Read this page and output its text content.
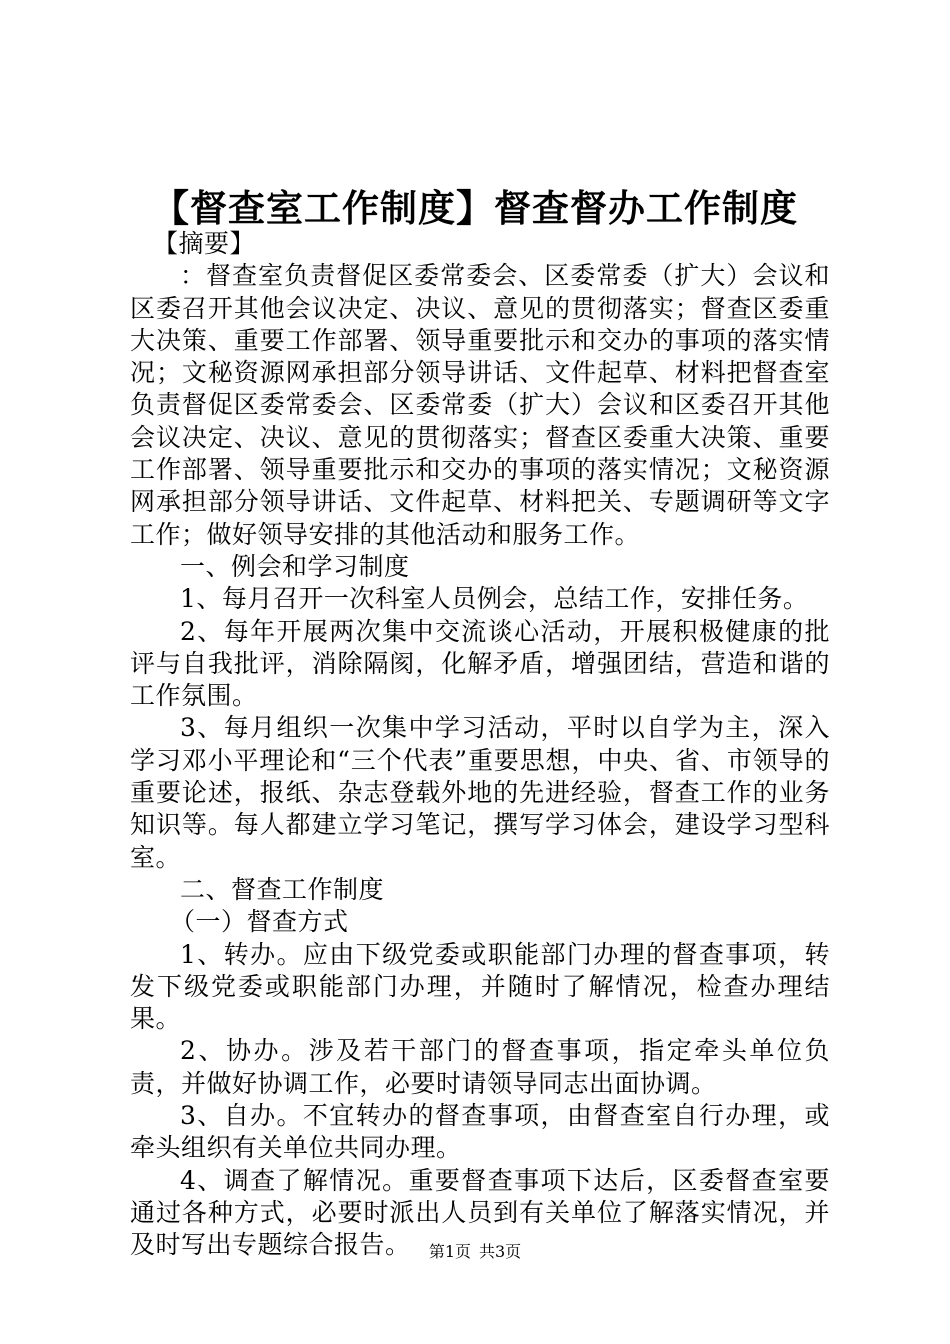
【督查室工作制度】督查督办工作制度

【摘要】

：督查室负责督促区委常委会、区委常委（扩大）会议和区委召开其他会议决定、决议、意见的贯彻落实；督查区委重大决策、重要工作部署、领导重要批示和交办的事项的落实情况；文秘资源网承担部分领导讲话、文件起草、材料把督查室负责督促区委常委会、区委常委（扩大）会议和区委召开其他会议决定、决议、意见的贯彻落实；督查区委重大决策、重要工作部署、领导重要批示和交办的事项的落实情况；文秘资源网承担部分领导讲话、文件起草、材料把关、专题调研等文字工作；做好领导安排的其他活动和服务工作。

一、例会和学习制度

1、每月召开一次科室人员例会，总结工作，安排任务。

2、每年开展两次集中交流谈心活动，开展积极健康的批评与自我批评，消除隔阂，化解矛盾，增强团结，营造和谐的工作氛围。

3、每月组织一次集中学习活动，平时以自学为主，深入学习邓小平理论和“三个代表”重要思想，中央、省、市领导的重要论述，报纸、杂志登载外地的先进经验，督查工作的业务知识等。每人都建立学习笔记，撰写学习体会，建设学习型科室。

二、督查工作制度

（一）督查方式

1、转办。应由下级党委或职能部门办理的督查事项，转发下级党委或职能部门办理，并随时了解情况，检查办理结果。

2、协办。涉及若干部门的督查事项，指定牵头单位负责，并做好协调工作，必要时请领导同志出面协调。

3、自办。不宜转办的督查事项，由督查室自行办理，或牵头组织有关单位共同办理。

4、调查了解情况。重要督查事项下达后，区委督查室要通过各种方式，必要时派出人员到有关单位了解落实情况，并及时写出专题综合报告。	第1页 共3页
